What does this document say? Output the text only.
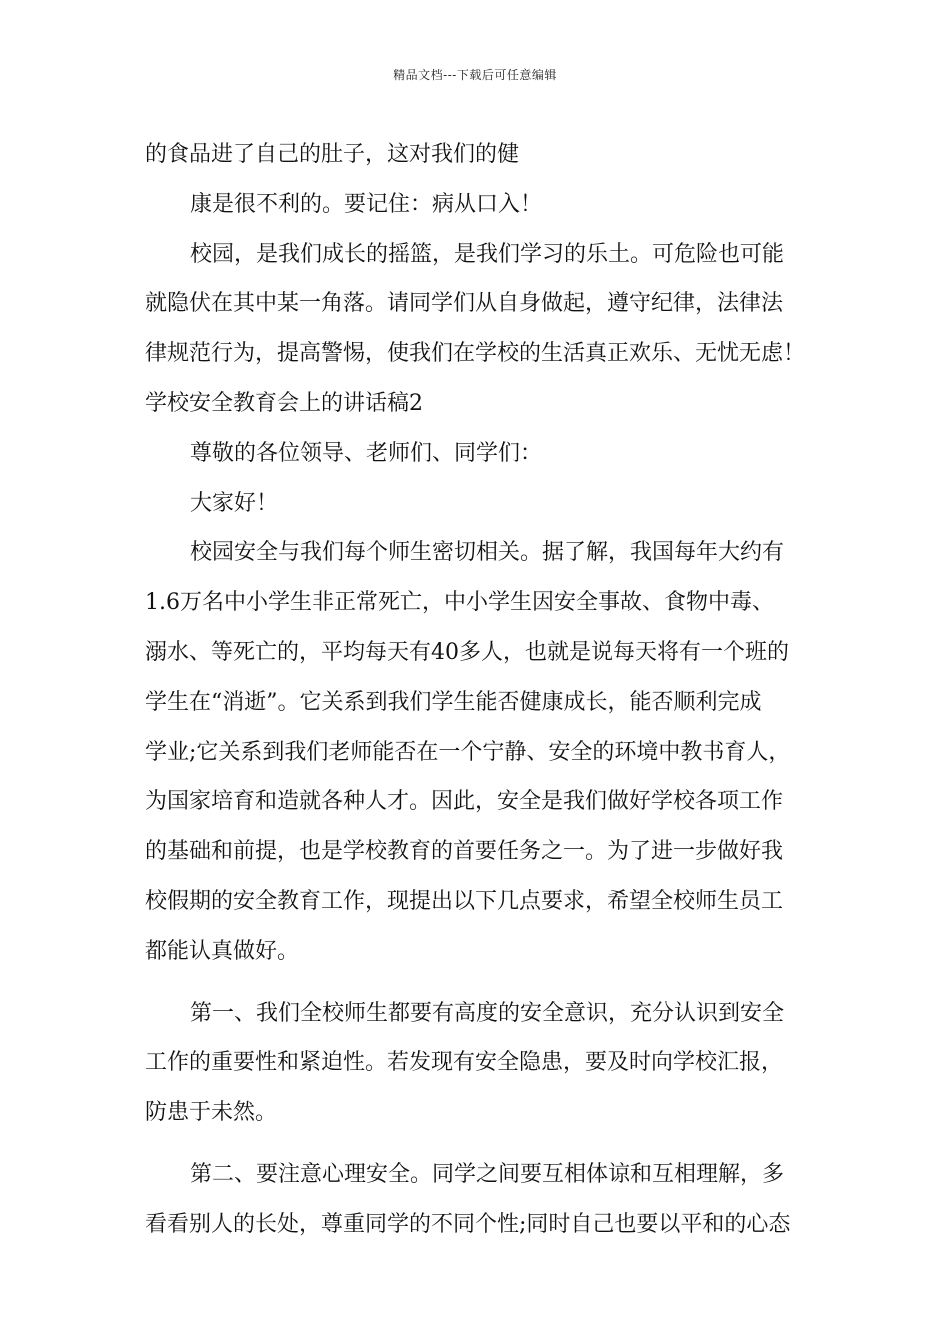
精品文档---下载后可任意编辑
的食品进了自己的肚子，这对我们的健
康是很不利的。要记住：病从口入！
校园，是我们成长的摇篮，是我们学习的乐土。可危险也可能
就隐伏在其中某一角落。请同学们从自身做起，遵守纪律，法律法
律规范行为，提高警惕，使我们在学校的生活真正欢乐、无忧无虑！
学校安全教育会上的讲话稿2
尊敬的各位领导、老师们、同学们：
大家好！
校园安全与我们每个师生密切相关。据了解，我国每年大约有
1.6万名中小学生非正常死亡，中小学生因安全事故、食物中毒、
溺水、等死亡的，平均每天有40多人，也就是说每天将有一个班的
学生在“消逝”。它关系到我们学生能否健康成长，能否顺利完成
学业;它关系到我们老师能否在一个宁静、安全的环境中教书育人，
为国家培育和造就各种人才。因此，安全是我们做好学校各项工作
的基础和前提，也是学校教育的首要任务之一。为了进一步做好我
校假期的安全教育工作，现提出以下几点要求，希望全校师生员工
都能认真做好。
第一、我们全校师生都要有高度的安全意识，充分认识到安全
工作的重要性和紧迫性。若发现有安全隐患，要及时向学校汇报，
防患于未然。
第二、要注意心理安全。同学之间要互相体谅和互相理解，多
看看别人的长处，尊重同学的不同个性;同时自己也要以平和的心态
